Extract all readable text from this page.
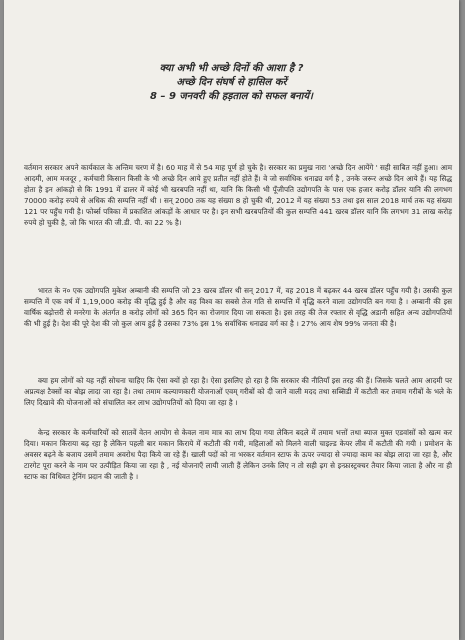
क्या अभी भी अच्छे दिनों की आशा है ?
अच्छे दिन संघर्ष से हासिल करें
8 – 9 जनवरी की हड़ताल को सफल बनायें।

वर्तमान सरकार अपने कार्यकाल के अन्तिम चरण में है। 60 माह में से 54 माह पूर्ण हो चुके है। सरकार का प्रमुख नारा 'अच्छे दिन आयेंगे ' सही साबित नहीं हुआ। आम आदमी, आम मजदूर , कर्मचारी किसान किसी के भी अच्छे दिन आये हुए प्रतीत नहीं होते हैं। वे जो सर्वाधिक धनाढ्य वर्ग है , उनके जरूर अच्छे दिन आये हैं। यह सिद्ध होता है इन आंकड़ो से कि 1991 में ढालर में कोई भी खरबपति नहीं था, यानि कि किसी भी पूँजीपति उद्योगपति के पास एक हजार करोड़ डॉलर यानि की लगभग 70000 करोड़ रुपये से अधिक की सम्पत्ति नहीं थी । सन् 2000 तक यह संख्या 8 हो चुकी थी, 2012 में यह संख्या 53 तथा इस साल 2018 मार्च तक यह संख्या 121 पर पहुँच गयी है। फोर्ब्स पत्रिका में प्रकाशित आंकड़ों के आधार पर है। इन सभी खरबपतियों की कुल सम्पत्ति 441 खरब डॉलर यानि कि लगभग 31 लाख करोड़ रुपये हो चुकी है, जो कि भारत की जी.डी. पी. का 22 % है।

भारत के न० एक उद्योगपति मुकेश अम्बानी की सम्पत्ति जो 23 खरब डॉलर थी सन् 2017 में, वह 2018 में बढ़कर 44 खरब डॉलर पहुँच गयी है। उसकी कुल सम्पत्ति में एक वर्ष में 1,19,000 करोड़ की वृद्धि हुई है और वह विश्व का सबसे तेज गति से सम्पत्ति में वृद्धि करने वाला उद्योगपति बन गया है । अम्बानी की इस वार्षिक बढ़ोत्तरी से मनरेगा के अंतर्गत 8 करोड़ लोगों को 365 दिन का रोजगार दिया जा सकता है। इस तरह की तेज रफ्तार से वृद्धि अडानी सहित अन्य उद्योगपतियों की भी हुई है। देश की पूरे देश की जो कुल आय हुई है उसका 73% इस 1% सर्वाधिक धनाढ्य वर्ग का है । 27% आय शेष 99% जनता की है।

क्या हम लोगों को यह नहीं सोचना चाहिए कि ऐसा क्यों हो रहा है। ऐसा इसलिए हो रहा है कि सरकार की नीतियाँ इस तरह की हैं। जिसके चलते आम आदमी पर अप्रत्यक्ष टैक्सों का बोझ लादा जा रहा है। तथा तमाम कल्याणकारी योजनाओं एवम् गरीबों को दी जाने वाली मदद तथा सब्सिडी में कटौती कर तमाम गरीबों के भले के लिए दिखावे की योजनाओं को संचालित कर लाभ उद्योगपतियों को दिया जा रहा है ।

केन्द्र सरकार के कर्मचारियों को सातवें वेतन आयोग से केवल नाम मात्र का लाभ दिया गया लेकिन बदले में तमाम भत्तों तथा ब्याज मुक्त एडवांसों को खत्म कर दिया। मकान किराया बढ़ रहा है लेकिन पहली बार मकान किराये में कटौती की गयी, महिलाओं को मिलने वाली चाइल्ड केयर लीव में कटौती की गयी । प्रमोशन के अवसर बढ़ने के बजाय उसमें तमाम अवरोध पैदा किये जा रहे हैं। खाली पदों को ना भरकर वर्तमान स्टाफ के ऊपर ज्यादा से ज्यादा काम का बोझ लादा जा रहा है, और टारगेट पूरा करने के नाम पर उत्पीड़ित किया जा रहा है , नई योजनाएँ लायी जाती हैं लेकिन उनके लिए न तो सही ढ़ग से इन्फ्रास्ट्रक्चर तैयार किया जाता है और ना ही स्टाफ का विधिवत ट्रेनिंग प्रदान की जाती है ।
